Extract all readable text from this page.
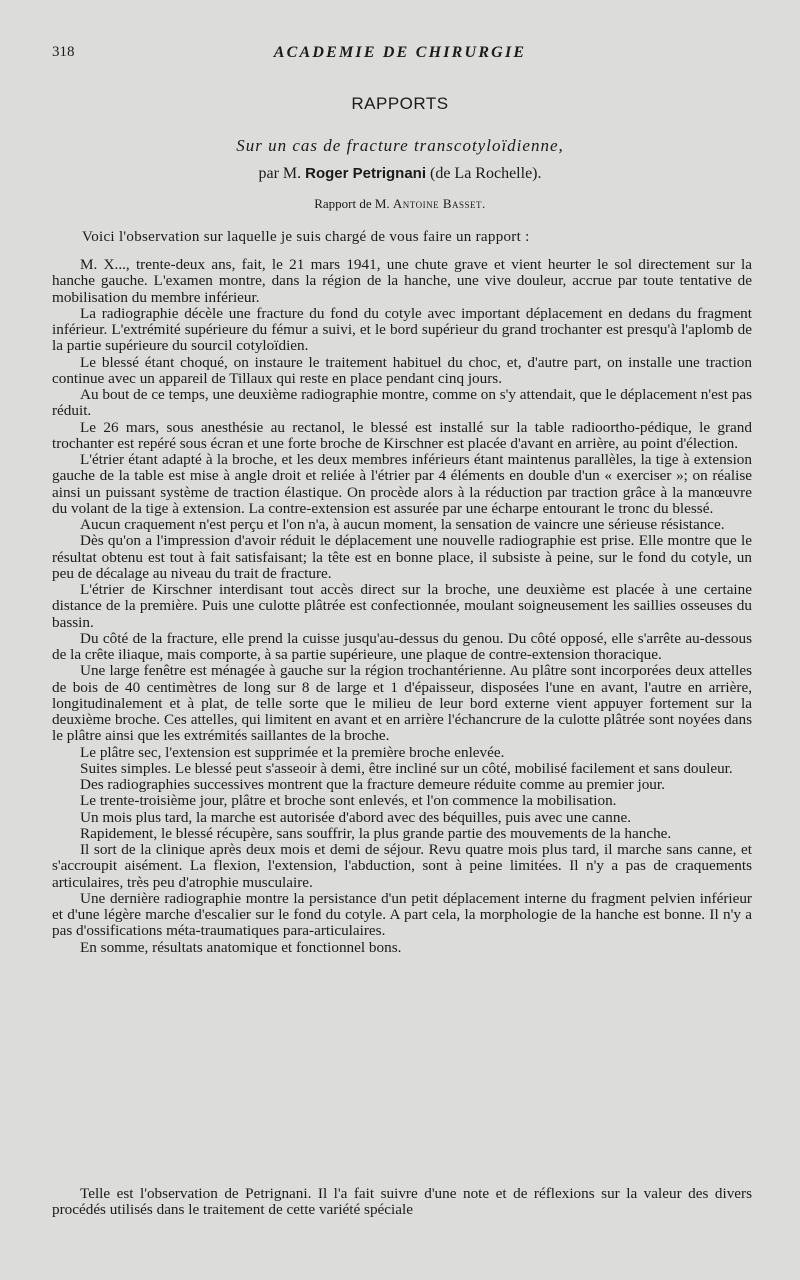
318	ACADEMIE DE CHIRURGIE
RAPPORTS
Sur un cas de fracture transcotyloïdienne,
par M. Roger Petrignani (de La Rochelle).
Rapport de M. Antoine Basset.
Voici l'observation sur laquelle je suis chargé de vous faire un rapport :

M. X..., trente-deux ans, fait, le 21 mars 1941, une chute grave et vient heurter le sol directement sur la hanche gauche. L'examen montre, dans la région de la hanche, une vive douleur, accrue par toute tentative de mobilisation du membre inférieur.

La radiographie décèle une fracture du fond du cotyle avec important déplacement en dedans du fragment inférieur. L'extrémité supérieure du fémur a suivi, et le bord supérieur du grand trochanter est presqu'à l'aplomb de la partie supérieure du sourcil cotyloïdien.

Le blessé étant choqué, on instaure le traitement habituel du choc, et, d'autre part, on installe une traction continue avec un appareil de Tillaux qui reste en place pendant cinq jours.

Au bout de ce temps, une deuxième radiographie montre, comme on s'y attendait, que le déplacement n'est pas réduit.

Le 26 mars, sous anesthésie au rectanol, le blessé est installé sur la table radioortho-pédique, le grand trochanter est repéré sous écran et une forte broche de Kirschner est placée d'avant en arrière, au point d'élection.

L'étrier étant adapté à la broche, et les deux membres inférieurs étant maintenus parallèles, la tige à extension gauche de la table est mise à angle droit et reliée à l'étrier par 4 éléments en double d'un « exerciser »; on réalise ainsi un puissant système de traction élastique. On procède alors à la réduction par traction grâce à la manœuvre du volant de la tige à extension. La contre-extension est assurée par une écharpe entourant le tronc du blessé.

Aucun craquement n'est perçu et l'on n'a, à aucun moment, la sensation de vaincre une sérieuse résistance.

Dès qu'on a l'impression d'avoir réduit le déplacement une nouvelle radiographie est prise. Elle montre que le résultat obtenu est tout à fait satisfaisant; la tête est en bonne place, il subsiste à peine, sur le fond du cotyle, un peu de décalage au niveau du trait de fracture.

L'étrier de Kirschner interdisant tout accès direct sur la broche, une deuxième est placée à une certaine distance de la première. Puis une culotte plâtrée est confectionnée, moulant soigneusement les saillies osseuses du bassin.

Du côté de la fracture, elle prend la cuisse jusqu'au-dessus du genou. Du côté opposé, elle s'arrête au-dessous de la crête iliaque, mais comporte, à sa partie supérieure, une plaque de contre-extension thoracique.

Une large fenêtre est ménagée à gauche sur la région trochantérienne. Au plâtre sont incorporées deux attelles de bois de 40 centimètres de long sur 8 de large et 1 d'épaisseur, disposées l'une en avant, l'autre en arrière, longitudinalement et à plat, de telle sorte que le milieu de leur bord externe vient appuyer fortement sur la deuxième broche. Ces attelles, qui limitent en avant et en arrière l'échancrure de la culotte plâtrée sont noyées dans le plâtre ainsi que les extrémités saillantes de la broche.

Le plâtre sec, l'extension est supprimée et la première broche enlevée.

Suites simples. Le blessé peut s'asseoir à demi, être incliné sur un côté, mobilisé facilement et sans douleur.

Des radiographies successives montrent que la fracture demeure réduite comme au premier jour.

Le trente-troisième jour, plâtre et broche sont enlevés, et l'on commence la mobilisation.

Un mois plus tard, la marche est autorisée d'abord avec des béquilles, puis avec une canne.

Rapidement, le blessé récupère, sans souffrir, la plus grande partie des mouvements de la hanche.

Il sort de la clinique après deux mois et demi de séjour. Revu quatre mois plus tard, il marche sans canne, et s'accroupit aisément. La flexion, l'extension, l'abduction, sont à peine limitées. Il n'y a pas de craquements articulaires, très peu d'atrophie musculaire.

Une dernière radiographie montre la persistance d'un petit déplacement interne du fragment pelvien inférieur et d'une légère marche d'escalier sur le fond du cotyle. A part cela, la morphologie de la hanche est bonne. Il n'y a pas d'ossifications méta-traumatiques para-articulaires.

En somme, résultats anatomique et fonctionnel bons.

Telle est l'observation de Petrignani. Il l'a fait suivre d'une note et de réflexions sur la valeur des divers procédés utilisés dans le traitement de cette variété spéciale
